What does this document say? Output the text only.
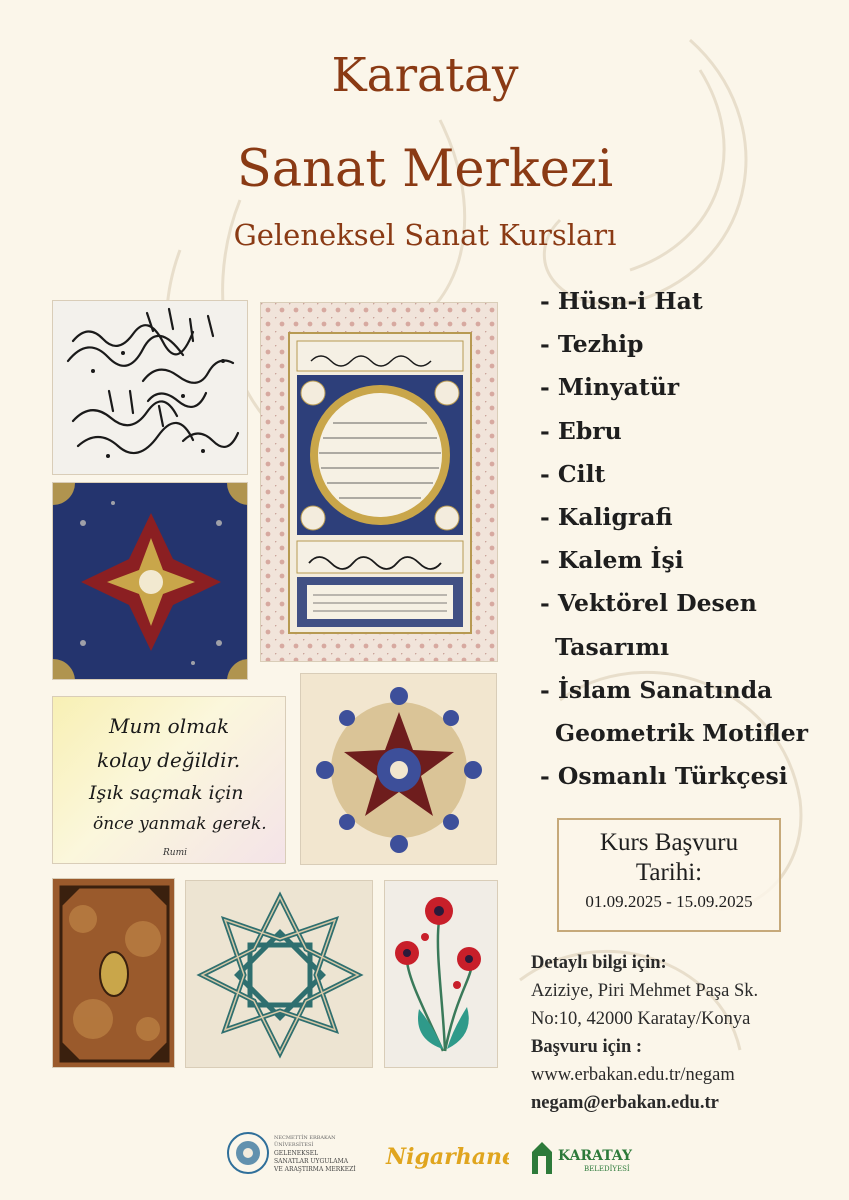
Karatay
Sanat Merkezi
Geleneksel Sanat Kursları
Mum olmak
kolay değildir.
Işık saçmak için
önce yanmak gerek.
Rumi
- Hüsn-i Hat
- Tezhip
- Minyatür
- Ebru
- Cilt
- Kaligrafi
- Kalem İşi
- Vektörel Desen
Tasarımı
- İslam Sanatında
Geometrik Motifler
- Osmanlı Türkçesi
Kurs Başvuru
Tarihi:
01.09.2025 - 15.09.2025
Detaylı bilgi için:
Aziziye, Piri Mehmet Paşa Sk.
No:10, 42000 Karatay/Konya
Başvuru için :
www.erbakan.edu.tr/negam
negam@erbakan.edu.tr
NECMETTİN ERBAKAN
ÜNİVERSİTESİ
GELENEKSEL
SANATLAR UYGULAMA
VE ARAŞTIRMA MERKEZİ Nigarhane	KARATAY
BELEDİYESİ
